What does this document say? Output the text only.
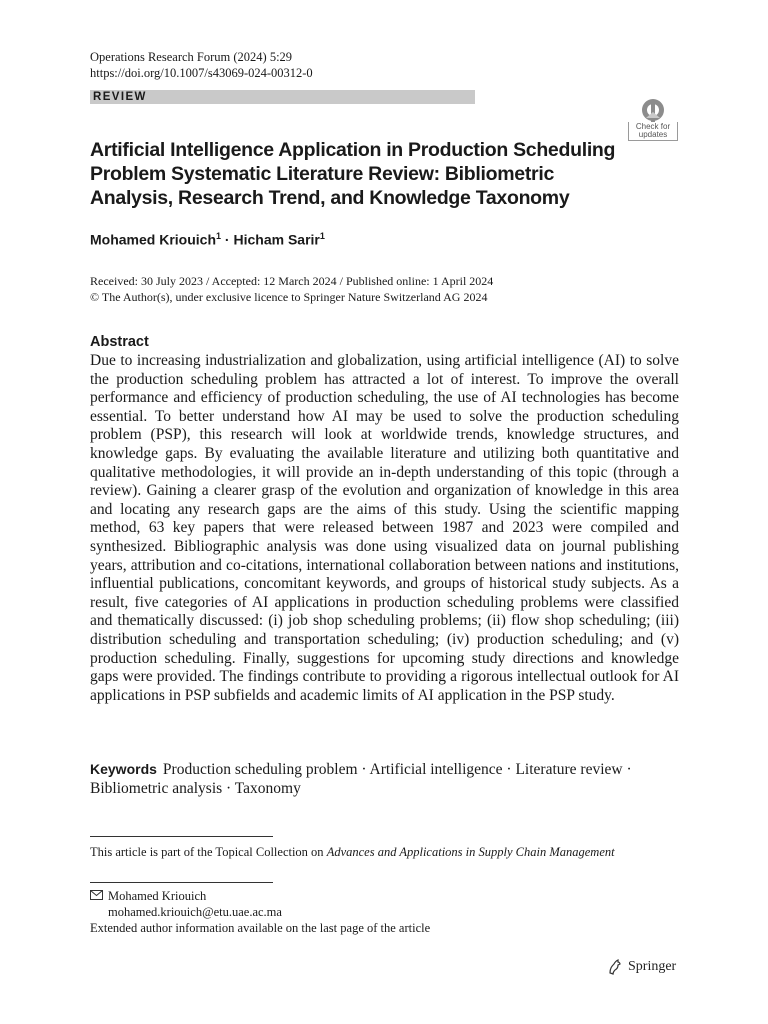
Operations Research Forum (2024) 5:29
https://doi.org/10.1007/s43069-024-00312-0
REVIEW
Check for
updates
Artificial Intelligence Application in Production Scheduling
Problem Systematic Literature Review: Bibliometric
Analysis, Research Trend, and Knowledge Taxonomy
Mohamed Kriouich$^1$ · Hicham Sarir$^1$
Received: 30 July 2023 / Accepted: 12 March 2024 / Published online: 1 April 2024
© The Author(s), under exclusive licence to Springer Nature Switzerland AG 2024
Abstract
Due to increasing industrialization and globalization, using artificial intelligence (AI) to solve the production scheduling problem has attracted a lot of interest. To improve the overall performance and efficiency of production scheduling, the use of AI technologies has become essential. To better understand how AI may be used to solve the production scheduling problem (PSP), this research will look at worldwide trends, knowledge structures, and knowledge gaps. By evaluating the available literature and utilizing both quantitative and qualitative methodologies, it will provide an in-depth understanding of this topic (through a review). Gaining a clearer grasp of the evolution and organization of knowledge in this area and locating any research gaps are the aims of this study. Using the scientific mapping method, 63 key papers that were released between 1987 and 2023 were compiled and synthesized. Bibliographic analysis was done using visualized data on journal publishing years, attribution and co-citations, international collaboration between nations and institutions, influential publications, concomitant keywords, and groups of historical study subjects. As a result, five categories of AI applications in production scheduling problems were classified and thematically discussed: (i) job shop scheduling problems; (ii) flow shop scheduling; (iii) distribution scheduling and transportation scheduling; (iv) production scheduling; and (v) production scheduling. Finally, suggestions for upcoming study directions and knowledge gaps were provided. The findings contribute to providing a rigorous intellectual outlook for AI applications in PSP subfields and academic limits of AI application in the PSP study.
Keywords Production scheduling problem · Artificial intelligence · Literature review · Bibliometric analysis · Taxonomy
This article is part of the Topical Collection on Advances and Applications in Supply Chain Management
Mohamed Kriouich
mohamed.kriouich@etu.uae.ac.ma
Extended author information available on the last page of the article
Springer
